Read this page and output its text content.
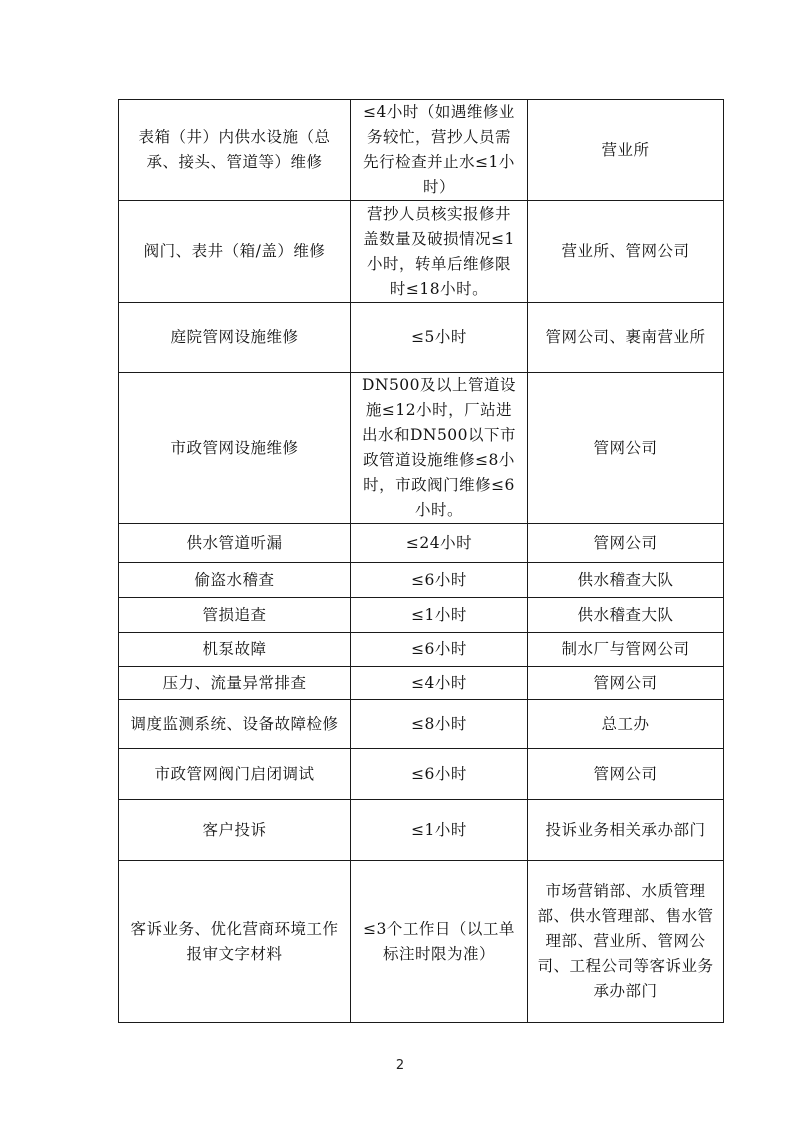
表箱（井）内供水设施（总承、接头、管道等）维修	≤4小时（如遇维修业务较忙，营抄人员需先行检查并止水≤1小时）	营业所
阀门、表井（箱/盖）维修	营抄人员核实报修井盖数量及破损情况≤1小时，转单后维修限时≤18小时。	营业所、管网公司
庭院管网设施维修	≤5小时	管网公司、裹南营业所
市政管网设施维修	DN500及以上管道设施≤12小时，厂站进出水和DN500以下市政管道设施维修≤8小时，市政阀门维修≤6小时。	管网公司
供水管道听漏	≤24小时	管网公司
偷盗水稽查	≤6小时	供水稽查大队
管损追查	≤1小时	供水稽查大队
机泵故障	≤6小时	制水厂与管网公司
压力、流量异常排查	≤4小时	管网公司
调度监测系统、设备故障检修	≤8小时	总工办
市政管网阀门启闭调试	≤6小时	管网公司
客户投诉	≤1小时	投诉业务相关承办部门
客诉业务、优化营商环境工作报审文字材料	≤3个工作日（以工单标注时限为准）	市场营销部、水质管理部、供水管理部、售水管理部、营业所、管网公司、工程公司等客诉业务承办部门
2
